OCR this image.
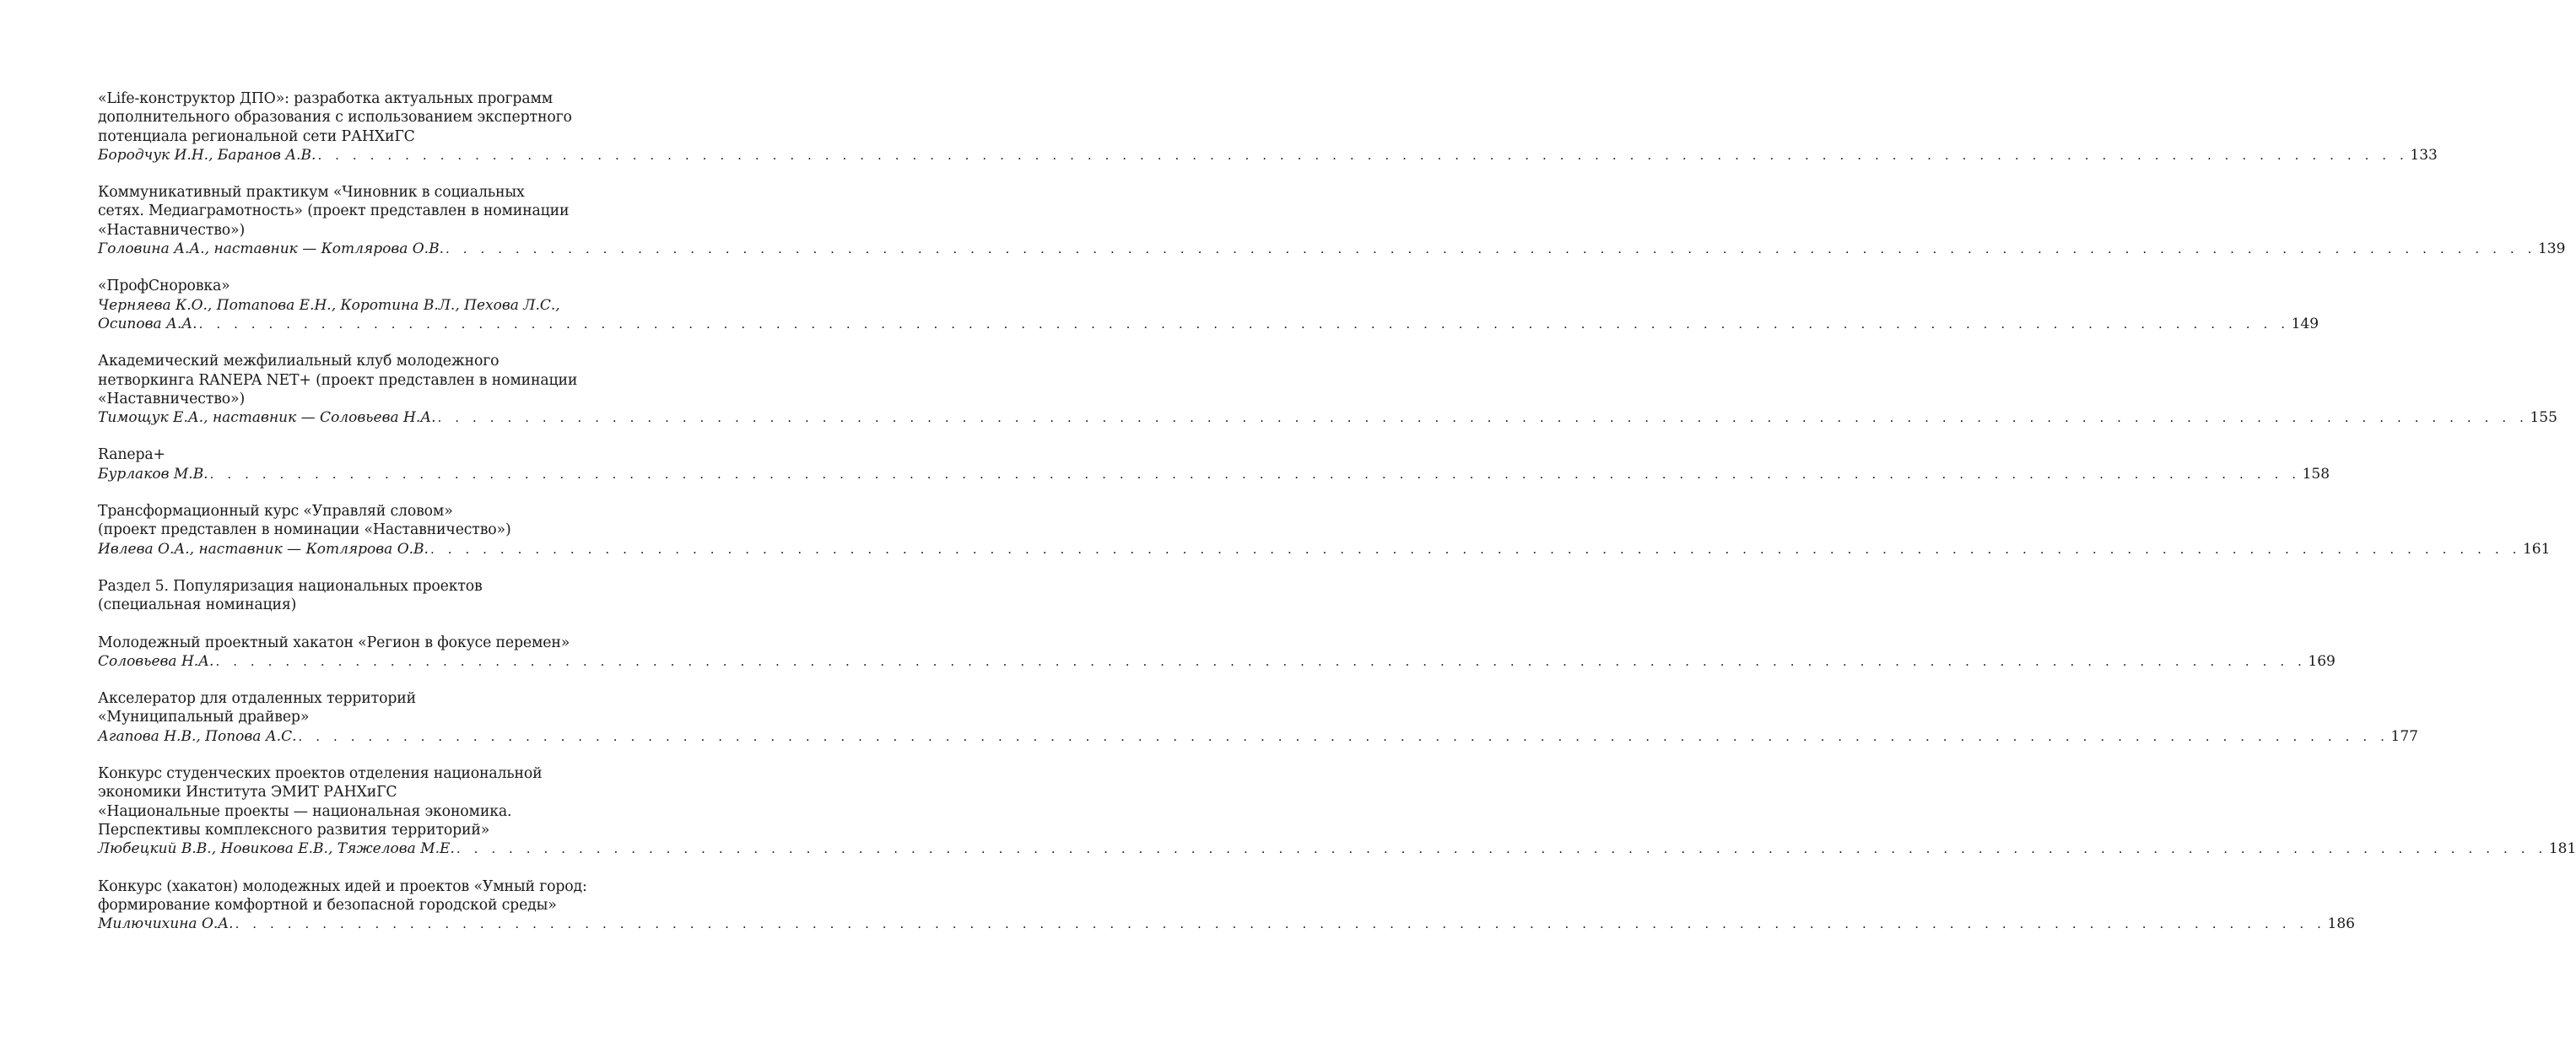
«Life-конструктор ДПО»: разработка актуальных программ
дополнительного образования с использованием экспертного
потенциала региональной сети РАНХиГС
Бородчук И.Н., Баранов А.В. . . . . . . . . . . . . . . . . . . . . . . . . . . . . . . . . . . . . . . . . . . . . . . . . . . . . . . . . . . . . . . . . . . . . . . . . . . . . . . . . . . . . . . . . . . . . . . . . . . . . . . . . . . . . . . . . . . . . . . . . 133
Коммуникативный практикум «Чиновник в социальных
сетях. Медиаграмотность» (проект представлен в номинации
«Наставничество»)
Головина А.А., наставник — Котлярова О.В. . . . . . . . . . . . . . . . . . . . . . . . . . . . . . . . . . . . . . . . . . . . . . . . . . . . . . . . . . . . . . . . . . . . . . . . . . . . . . . . . . . . . . . . . . . . . . . . . . . . . . . . . . . . . . . . . . . . . . . . . 139
«ПрофСноровка»
Черняева К.О., Потапова Е.Н., Коротина В.Л., Пехова Л.С.,
Осипова А.А. . . . . . . . . . . . . . . . . . . . . . . . . . . . . . . . . . . . . . . . . . . . . . . . . . . . . . . . . . . . . . . . . . . . . . . . . . . . . . . . . . . . . . . . . . . . . . . . . . . . . . . . . . . . . . . . . . . . . . . . . 149
Академический межфилиальный клуб молодежного
нетворкинга RANEPA NET+ (проект представлен в номинации
«Наставничество»)
Тимощук Е.А., наставник — Соловьева Н.А. . . . . . . . . . . . . . . . . . . . . . . . . . . . . . . . . . . . . . . . . . . . . . . . . . . . . . . . . . . . . . . . . . . . . . . . . . . . . . . . . . . . . . . . . . . . . . . . . . . . . . . . . . . . . . . . . . . . . . . . . 155
Ranepa+
Бурлаков М.В. . . . . . . . . . . . . . . . . . . . . . . . . . . . . . . . . . . . . . . . . . . . . . . . . . . . . . . . . . . . . . . . . . . . . . . . . . . . . . . . . . . . . . . . . . . . . . . . . . . . . . . . . . . . . . . . . . . . . . . . . 158
Трансформационный курс «Управляй словом»
(проект представлен в номинации «Наставничество»)
Ивлева О.А., наставник — Котлярова О.В. . . . . . . . . . . . . . . . . . . . . . . . . . . . . . . . . . . . . . . . . . . . . . . . . . . . . . . . . . . . . . . . . . . . . . . . . . . . . . . . . . . . . . . . . . . . . . . . . . . . . . . . . . . . . . . . . . . . . . . . . 161
Раздел 5. Популяризация национальных проектов
(специальная номинация)
Молодежный проектный хакатон «Регион в фокусе перемен»
Соловьева Н.А. . . . . . . . . . . . . . . . . . . . . . . . . . . . . . . . . . . . . . . . . . . . . . . . . . . . . . . . . . . . . . . . . . . . . . . . . . . . . . . . . . . . . . . . . . . . . . . . . . . . . . . . . . . . . . . . . . . . . . . . . 169
Акселератор для отдаленных территорий
«Муниципальный драйвер»
Агапова Н.В., Попова А.С. . . . . . . . . . . . . . . . . . . . . . . . . . . . . . . . . . . . . . . . . . . . . . . . . . . . . . . . . . . . . . . . . . . . . . . . . . . . . . . . . . . . . . . . . . . . . . . . . . . . . . . . . . . . . . . . . . . . . . . . . 177
Конкурс студенческих проектов отделения национальной
экономики Института ЭМИТ РАНХиГС
«Национальные проекты — национальная экономика.
Перспективы комплексного развития территорий»
Любецкий В.В., Новикова Е.В., Тяжелова М.Е. . . . . . . . . . . . . . . . . . . . . . . . . . . . . . . . . . . . . . . . . . . . . . . . . . . . . . . . . . . . . . . . . . . . . . . . . . . . . . . . . . . . . . . . . . . . . . . . . . . . . . . . . . . . . . . . . . . . . . . . . 181
Конкурс (хакатон) молодежных идей и проектов «Умный город:
формирование комфортной и безопасной городской среды»
Милючихина О.А. . . . . . . . . . . . . . . . . . . . . . . . . . . . . . . . . . . . . . . . . . . . . . . . . . . . . . . . . . . . . . . . . . . . . . . . . . . . . . . . . . . . . . . . . . . . . . . . . . . . . . . . . . . . . . . . . . . . . . . . . 186
